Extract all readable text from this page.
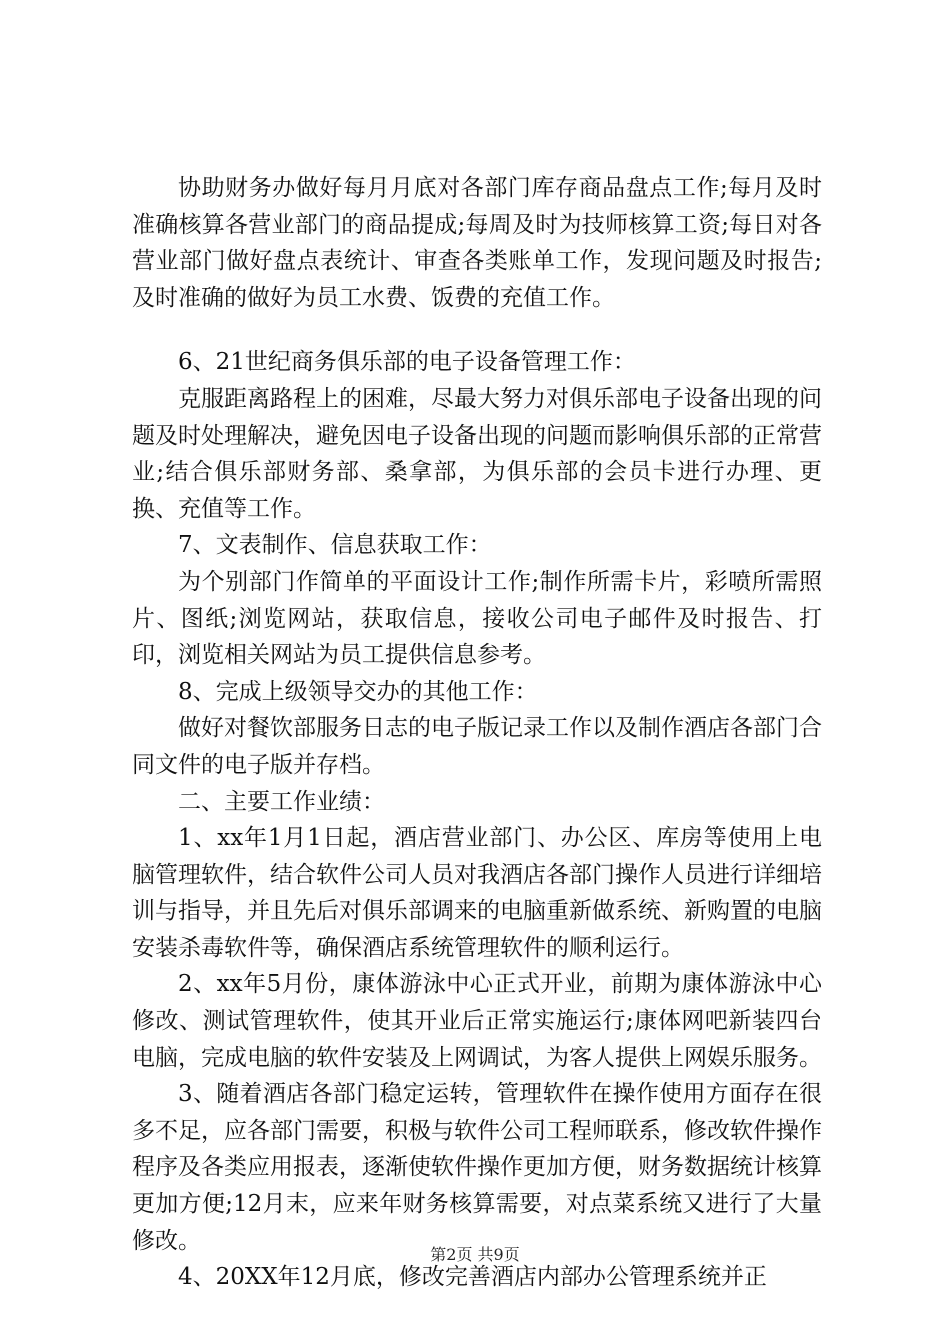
协助财务办做好每月月底对各部门库存商品盘点工作;每月及时准确核算各营业部门的商品提成;每周及时为技师核算工资;每日对各营业部门做好盘点表统计、审查各类账单工作，发现问题及时报告;及时准确的做好为员工水费、饭费的充值工作。

6、21世纪商务俱乐部的电子设备管理工作：

克服距离路程上的困难，尽最大努力对俱乐部电子设备出现的问题及时处理解决，避免因电子设备出现的问题而影响俱乐部的正常营业;结合俱乐部财务部、桑拿部，为俱乐部的会员卡进行办理、更换、充值等工作。

7、文表制作、信息获取工作：

为个别部门作简单的平面设计工作;制作所需卡片，彩喷所需照片、图纸;浏览网站，获取信息，接收公司电子邮件及时报告、打印，浏览相关网站为员工提供信息参考。

8、完成上级领导交办的其他工作：

做好对餐饮部服务日志的电子版记录工作以及制作酒店各部门合同文件的电子版并存档。

二、主要工作业绩：

1、xx年1月1日起，酒店营业部门、办公区、库房等使用上电脑管理软件，结合软件公司人员对我酒店各部门操作人员进行详细培训与指导，并且先后对俱乐部调来的电脑重新做系统、新购置的电脑安装杀毒软件等，确保酒店系统管理软件的顺利运行。

2、xx年5月份，康体游泳中心正式开业，前期为康体游泳中心修改、测试管理软件，使其开业后正常实施运行;康体网吧新装四台电脑，完成电脑的软件安装及上网调试，为客人提供上网娱乐服务。

3、随着酒店各部门稳定运转，管理软件在操作使用方面存在很多不足，应各部门需要，积极与软件公司工程师联系，修改软件操作程序及各类应用报表，逐渐使软件操作更加方便，财务数据统计核算更加方便;12月末，应来年财务核算需要，对点菜系统又进行了大量修改。

4、20XX年12月底，修改完善酒店内部办公管理系统并正

第2页 共9页
